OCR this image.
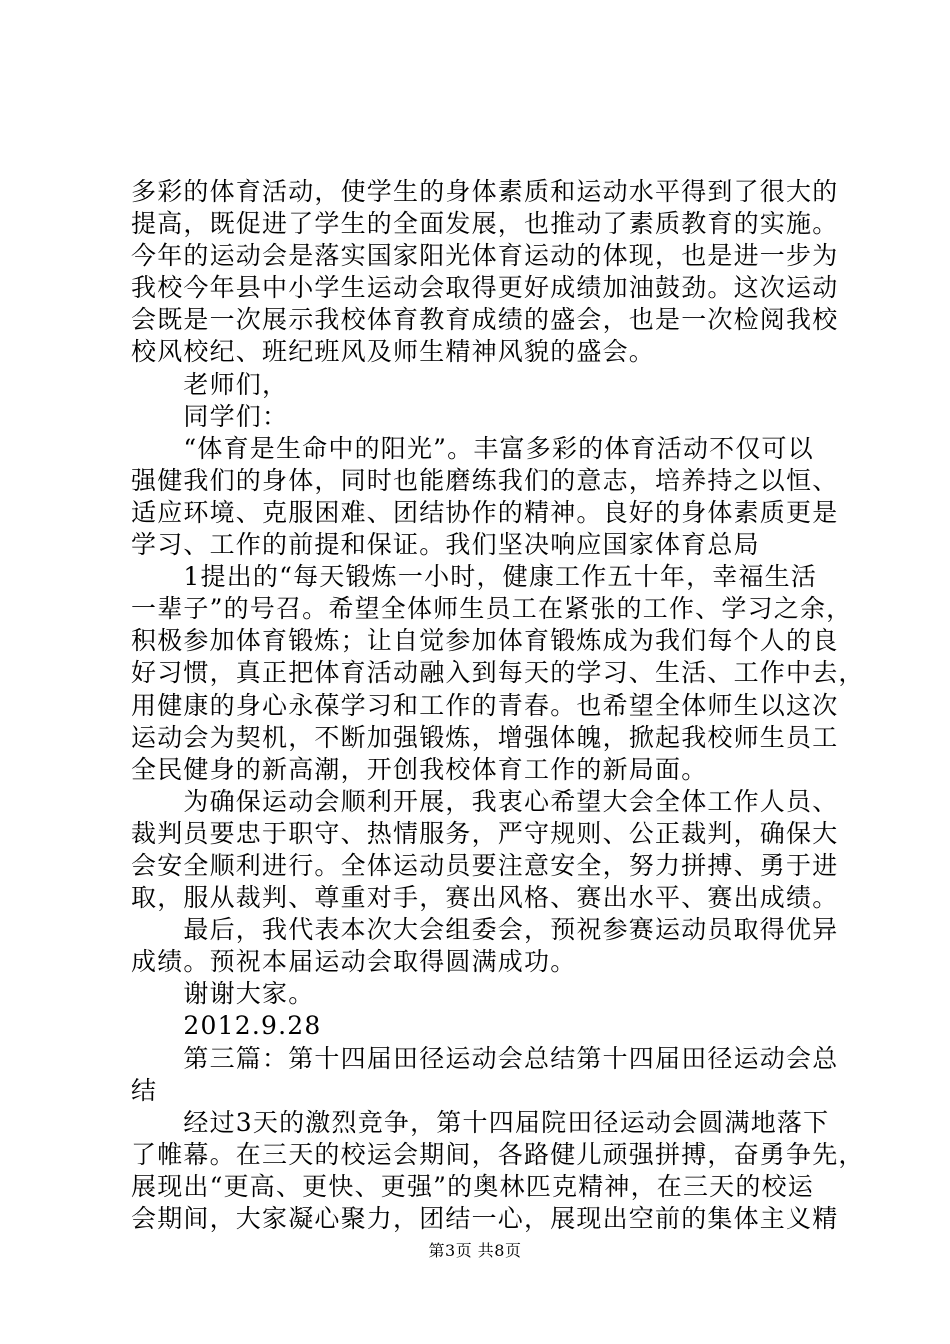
多彩的体育活动，使学生的身体素质和运动水平得到了很大的
提高，既促进了学生的全面发展，也推动了素质教育的实施。
今年的运动会是落实国家阳光体育运动的体现，也是进一步为
我校今年县中小学生运动会取得更好成绩加油鼓劲。这次运动
会既是一次展示我校体育教育成绩的盛会，也是一次检阅我校
校风校纪、班纪班风及师生精神风貌的盛会。
老师们，
同学们：
“体育是生命中的阳光”。丰富多彩的体育活动不仅可以
强健我们的身体，同时也能磨练我们的意志，培养持之以恒、
适应环境、克服困难、团结协作的精神。良好的身体素质更是
学习、工作的前提和保证。我们坚决响应国家体育总局
1提出的“每天锻炼一小时，健康工作五十年，幸福生活
一辈子”的号召。希望全体师生员工在紧张的工作、学习之余，
积极参加体育锻炼；让自觉参加体育锻炼成为我们每个人的良
好习惯，真正把体育活动融入到每天的学习、生活、工作中去，
用健康的身心永葆学习和工作的青春。也希望全体师生以这次
运动会为契机，不断加强锻炼，增强体魄，掀起我校师生员工
全民健身的新高潮，开创我校体育工作的新局面。
为确保运动会顺利开展，我衷心希望大会全体工作人员、
裁判员要忠于职守、热情服务，严守规则、公正裁判，确保大
会安全顺利进行。全体运动员要注意安全，努力拼搏、勇于进
取，服从裁判、尊重对手，赛出风格、赛出水平、赛出成绩。
最后，我代表本次大会组委会，预祝参赛运动员取得优异
成绩。预祝本届运动会取得圆满成功。
谢谢大家。
2012.9.28
第三篇：第十四届田径运动会总结第十四届田径运动会总
结
经过3天的激烈竞争，第十四届院田径运动会圆满地落下
了帷幕。在三天的校运会期间，各路健儿顽强拼搏，奋勇争先，
展现出“更高、更快、更强”的奥林匹克精神，在三天的校运
会期间，大家凝心聚力，团结一心，展现出空前的集体主义精
第3页 共8页
